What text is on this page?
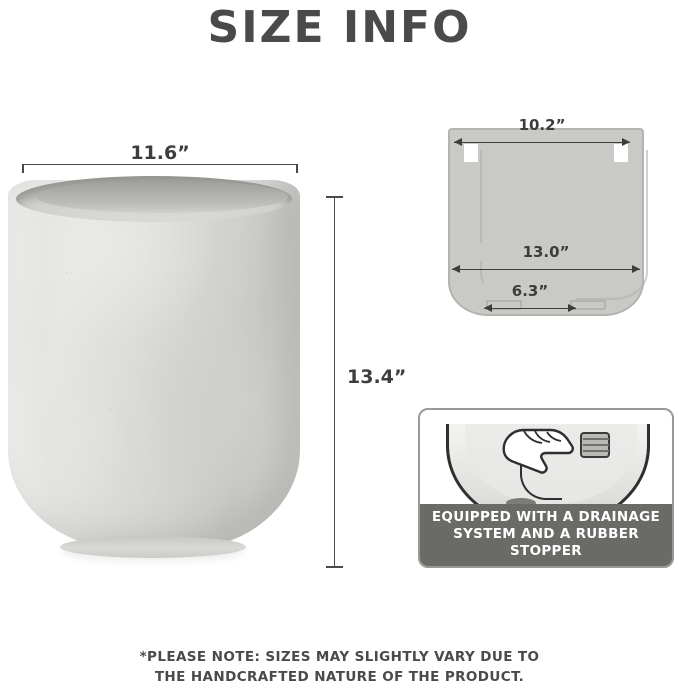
SIZE INFO
11.6”
13.4”
10.2”
13.0”
6.3”
EQUIPPED WITH A DRAINAGE
SYSTEM AND A RUBBER STOPPER
*PLEASE NOTE: SIZES MAY SLIGHTLY VARY DUE TO
THE HANDCRAFTED NATURE OF THE PRODUCT.
